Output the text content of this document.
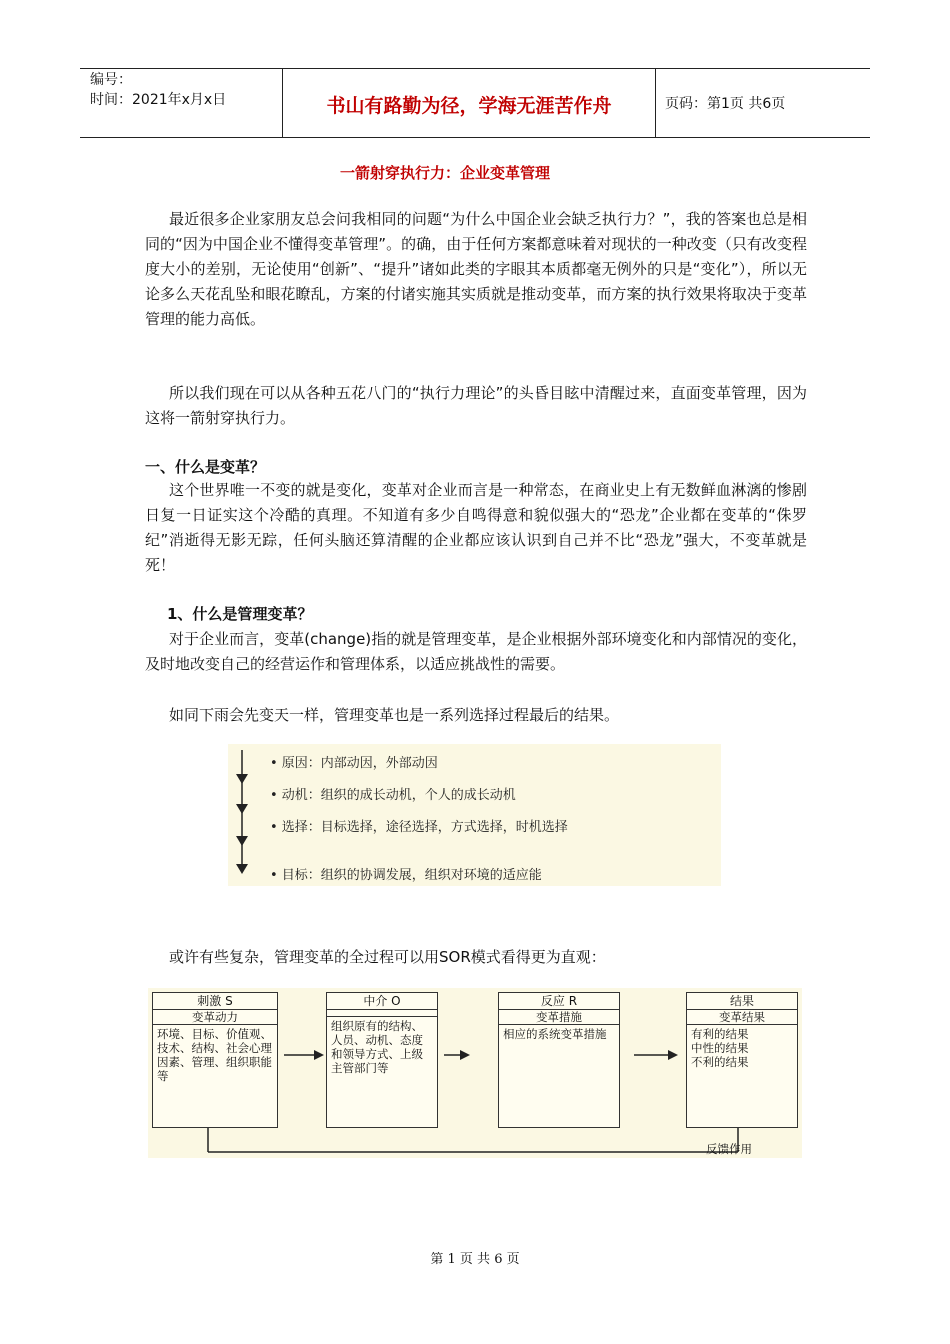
编号：
时间：2021年x月x日	书山有路勤为径，学海无涯苦作舟	页码：第1页 共6页
一箭射穿执行力：企业变革管理
最近很多企业家朋友总会问我相同的问题“为什么中国企业会缺乏执行力？”，我的答案也总是相同的“因为中国企业不懂得变革管理”。的确，由于任何方案都意味着对现状的一种改变（只有改变程度大小的差别，无论使用“创新”、“提升”诸如此类的字眼其本质都毫无例外的只是“变化”），所以无论多么天花乱坠和眼花瞭乱，方案的付诸实施其实质就是推动变革，而方案的执行效果将取决于变革管理的能力高低。
所以我们现在可以从各种五花八门的“执行力理论”的头昏目眩中清醒过来，直面变革管理，因为这将一箭射穿执行力。
一、什么是变革？
这个世界唯一不变的就是变化，变革对企业而言是一种常态，在商业史上有无数鲜血淋漓的惨剧日复一日证实这个冷酷的真理。不知道有多少自鸣得意和貌似强大的“恐龙”企业都在变革的“侏罗纪”消逝得无影无踪，任何头脑还算清醒的企业都应该认识到自己并不比“恐龙”强大，不变革就是死！
1、什么是管理变革？
对于企业而言，变革(change)指的就是管理变革，是企业根据外部环境变化和内部情况的变化，及时地改变自己的经营运作和管理体系，以适应挑战性的需要。
如同下雨会先变天一样，管理变革也是一系列选择过程最后的结果。
• 原因：内部动因，外部动因
• 动机：组织的成长动机，个人的成长动机
• 选择：目标选择，途径选择，方式选择，时机选择
• 目标：组织的协调发展，组织对环境的适应能
或许有些复杂，管理变革的全过程可以用SOR模式看得更为直观：
刺激 S
变革动力
环境、目标、价值观、技术、结构、社会心理因素、管理、组织职能等
中介 O
组织原有的结构、人员、动机、态度和领导方式、上级主管部门等
反应 R
变革措施
相应的系统变革措施
结果
变革结果
有利的结果
中性的结果
不利的结果
反馈作用
第 1 页 共 6 页
